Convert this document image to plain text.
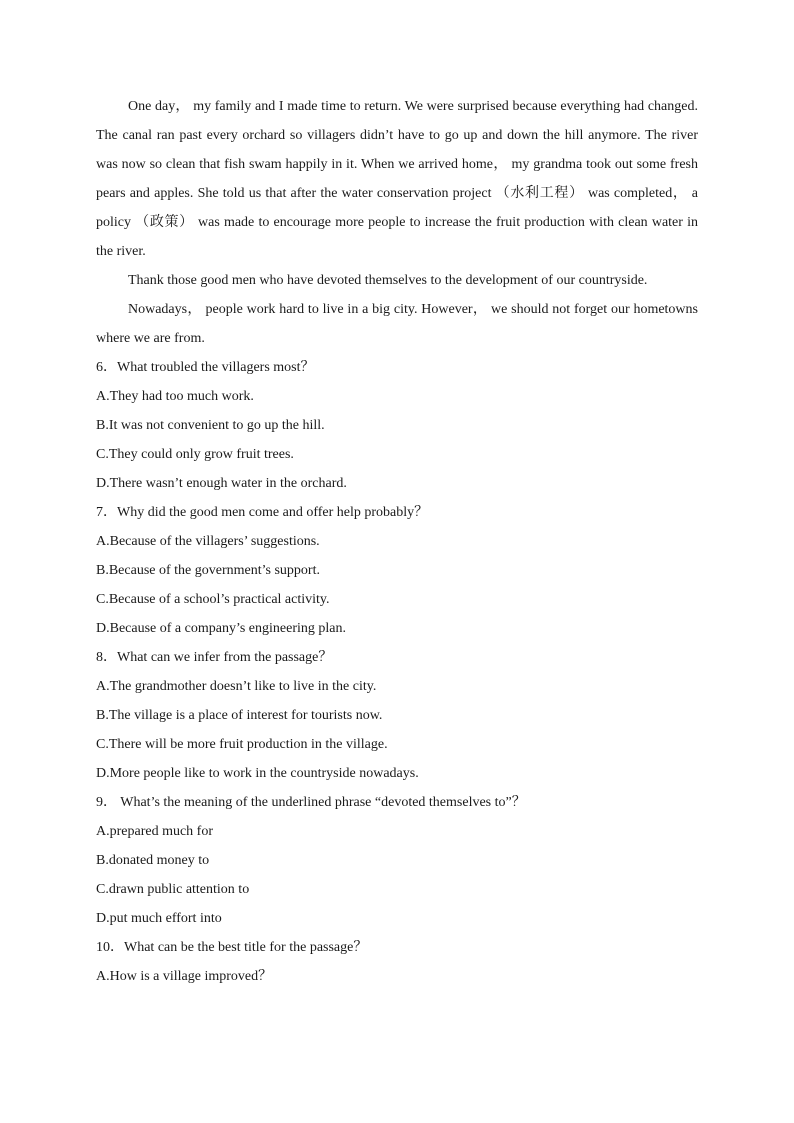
One day， my family and I made time to return. We were surprised because everything had changed. The canal ran past every orchard so villagers didn’t have to go up and down the hill anymore. The river was now so clean that fish swam happily in it. When we arrived home， my grandma took out some fresh pears and apples. She told us that after the water conservation project （水利工程） was completed， a policy （政策） was made to encourage more people to increase the fruit production with clean water in the river.

Thank those good men who have devoted themselves to the development of our countryside.

Nowadays， people work hard to live in a big city. However， we should not forget our hometowns where we are from.

6．What troubled the villagers most？

A.They had too much work.

B.It was not convenient to go up the hill.

C.They could only grow fruit trees.

D.There wasn’t enough water in the orchard.

7．Why did the good men come and offer help probably？

A.Because of the villagers’ suggestions.

B.Because of the government’s support.

C.Because of a school’s practical activity.

D.Because of a company’s engineering plan.

8．What can we infer from the passage？

A.The grandmother doesn’t like to live in the city.

B.The village is a place of interest for tourists now.

C.There will be more fruit production in the village.

D.More people like to work in the countryside nowadays.

9． What’s the meaning of the underlined phrase “devoted themselves to”？

A.prepared much for

B.donated money to

C.drawn public attention to

D.put much effort into

10．What can be the best title for the passage？

A.How is a village improved？
